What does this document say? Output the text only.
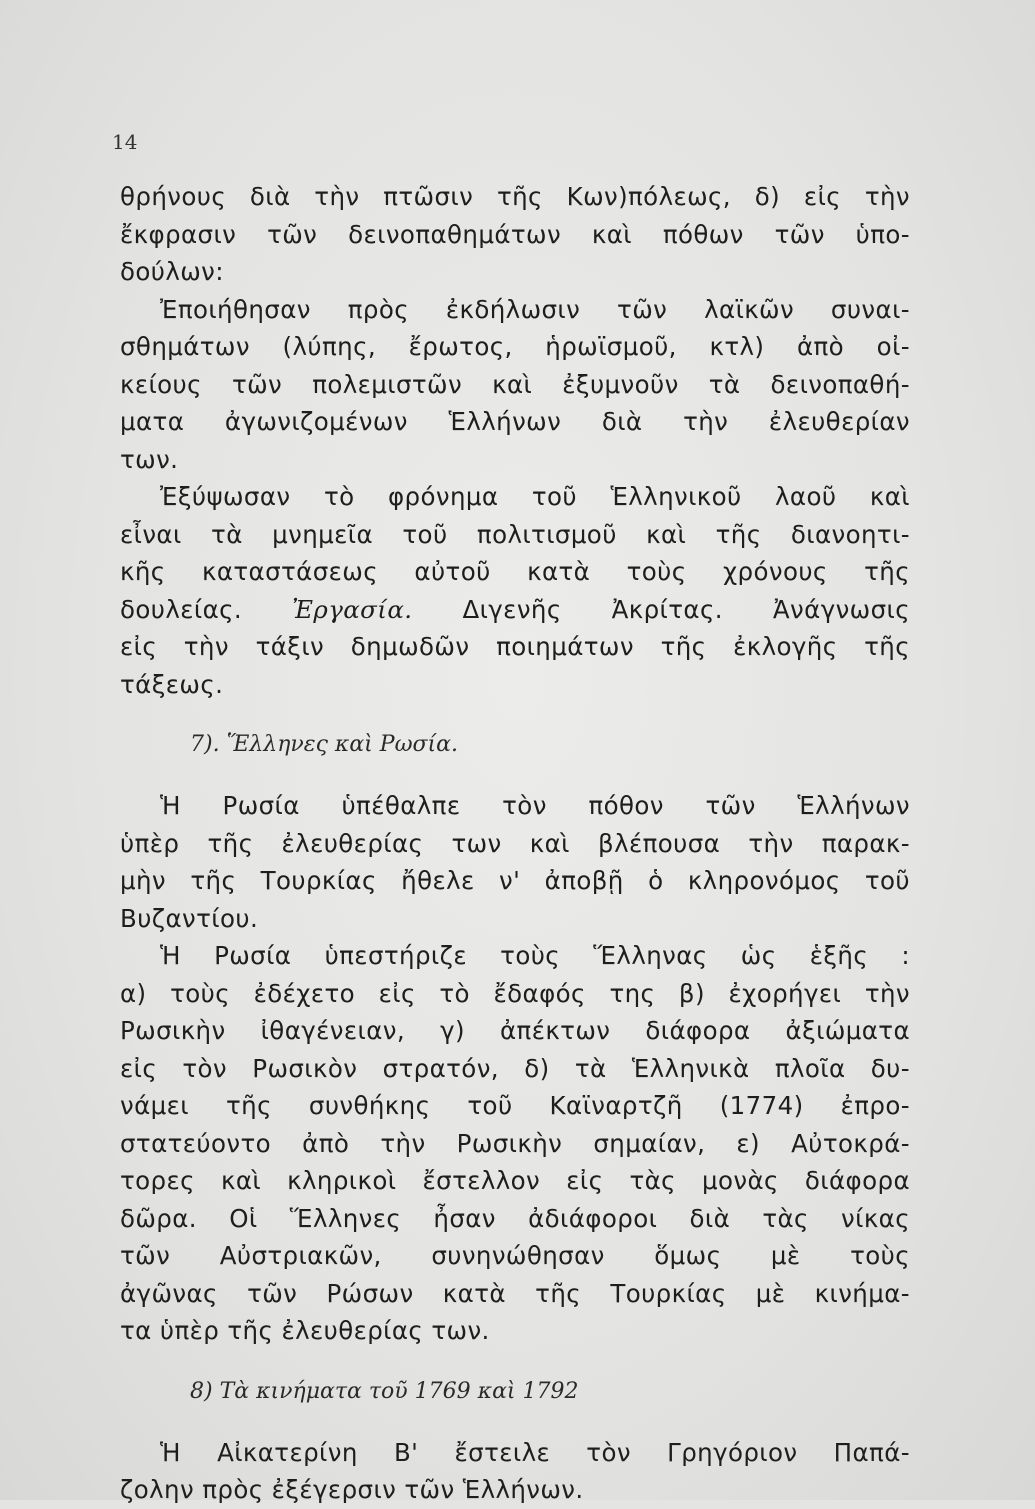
14
θρήνους διὰ τὴν πτῶσιν τῆς Κων)πόλεως, δ) εἰς τὴν
ἔκφρασιν τῶν δεινοπαθημάτων καὶ πόθων τῶν ὑπο-
δούλων:
Ἐποιήθησαν πρὸς ἐκδήλωσιν τῶν λαϊκῶν συναι-
σθημάτων (λύπης, ἔρωτος, ἡρωϊσμοῦ, κτλ) ἀπὸ οἰ-
κείους τῶν πολεμιστῶν καὶ ἐξυμνοῦν τὰ δεινοπαθή-
ματα ἀγωνιζομένων Ἑλλήνων διὰ τὴν ἐλευθερίαν
των.
Ἐξύψωσαν τὸ φρόνημα τοῦ Ἑλληνικοῦ λαοῦ καὶ
εἶναι τὰ μνημεῖα τοῦ πολιτισμοῦ καὶ τῆς διανοητι-
κῆς καταστάσεως αὐτοῦ κατὰ τοὺς χρόνους τῆς
δουλείας. Ἐργασία. Διγενῆς Ἀκρίτας. Ἀνάγνωσις
εἰς τὴν τάξιν δημωδῶν ποιημάτων τῆς ἐκλογῆς τῆς
τάξεως.
7). Ἕλληνες καὶ Ρωσία.
Ἡ Ρωσία ὑπέθαλπε τὸν πόθον τῶν Ἑλλήνων
ὑπὲρ τῆς ἐλευθερίας των καὶ βλέπουσα τὴν παρακ-
μὴν τῆς Τουρκίας ἤθελε ν' ἀποβῇ ὁ κληρονόμος τοῦ
Βυζαντίου.
Ἡ Ρωσία ὑπεστήριζε τοὺς Ἕλληνας ὡς ἑξῆς :
α) τοὺς ἐδέχετο εἰς τὸ ἔδαφός της β) ἐχορήγει τὴν
Ρωσικὴν ἰθαγένειαν, γ) ἀπέκτων διάφορα ἀξιώματα
εἰς τὸν Ρωσικὸν στρατόν, δ) τὰ Ἑλληνικὰ πλοῖα δυ-
νάμει τῆς συνθήκης τοῦ Καϊναρτζῆ (1774) ἐπρο-
στατεύοντο ἀπὸ τὴν Ρωσικὴν σημαίαν, ε) Αὐτοκρά-
τορες καὶ κληρικοὶ ἔστελλον εἰς τὰς μονὰς διάφορα
δῶρα. Οἱ Ἕλληνες ἦσαν ἀδιάφοροι διὰ τὰς νίκας
τῶν Αὐστριακῶν, συνηνώθησαν ὅμως μὲ τοὺς
ἀγῶνας τῶν Ρώσων κατὰ τῆς Τουρκίας μὲ κινήμα-
τα ὑπὲρ τῆς ἐλευθερίας των.
8) Τὰ κινήματα τοῦ 1769 καὶ 1792
Ἡ Αἰκατερίνη Β' ἔστειλε τὸν Γρηγόριον Παπά-
ζολην πρὸς ἐξέγερσιν τῶν Ἑλλήνων.
